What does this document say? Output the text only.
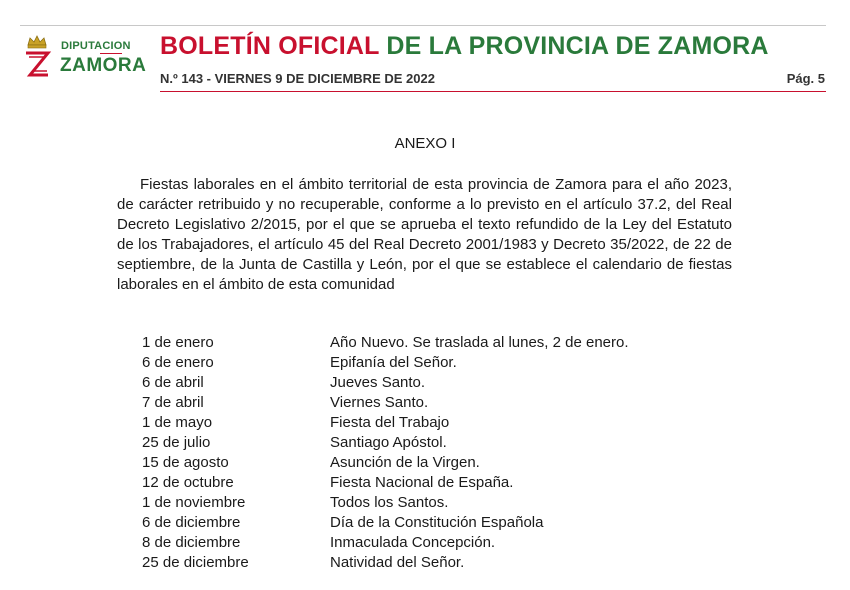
DIPUTACION
ZAMORA
BOLETÍN OFICIAL DE LA PROVINCIA DE ZAMORA
N.º 143 - VIERNES 9 DE DICIEMBRE DE 2022	Pág. 5
ANEXO I
Fiestas laborales en el ámbito territorial de esta provincia de Zamora para el año 2023, de carácter retribuido y no recuperable, conforme a lo previsto en el artículo 37.2, del Real Decreto Legislativo 2/2015, por el que se aprueba el texto refundido de la Ley del Estatuto de los Trabajadores, el artículo 45 del Real Decreto 2001/1983 y Decreto 35/2022, de 22 de septiembre, de la Junta de Castilla y León, por el que se establece el calendario de fiestas laborales en el ámbito de esta comunidad
1 de enero	Año Nuevo. Se traslada al lunes, 2 de enero.
6 de enero	Epifanía del Señor.
6 de abril	Jueves Santo.
7 de abril	Viernes Santo.
1 de mayo	Fiesta del Trabajo
25 de julio	Santiago Apóstol.
15 de agosto	Asunción de la Virgen.
12 de octubre	Fiesta Nacional de España.
1 de noviembre	Todos los Santos.
6 de diciembre	Día de la Constitución Española
8 de diciembre	Inmaculada Concepción.
25 de diciembre	Natividad del Señor.
